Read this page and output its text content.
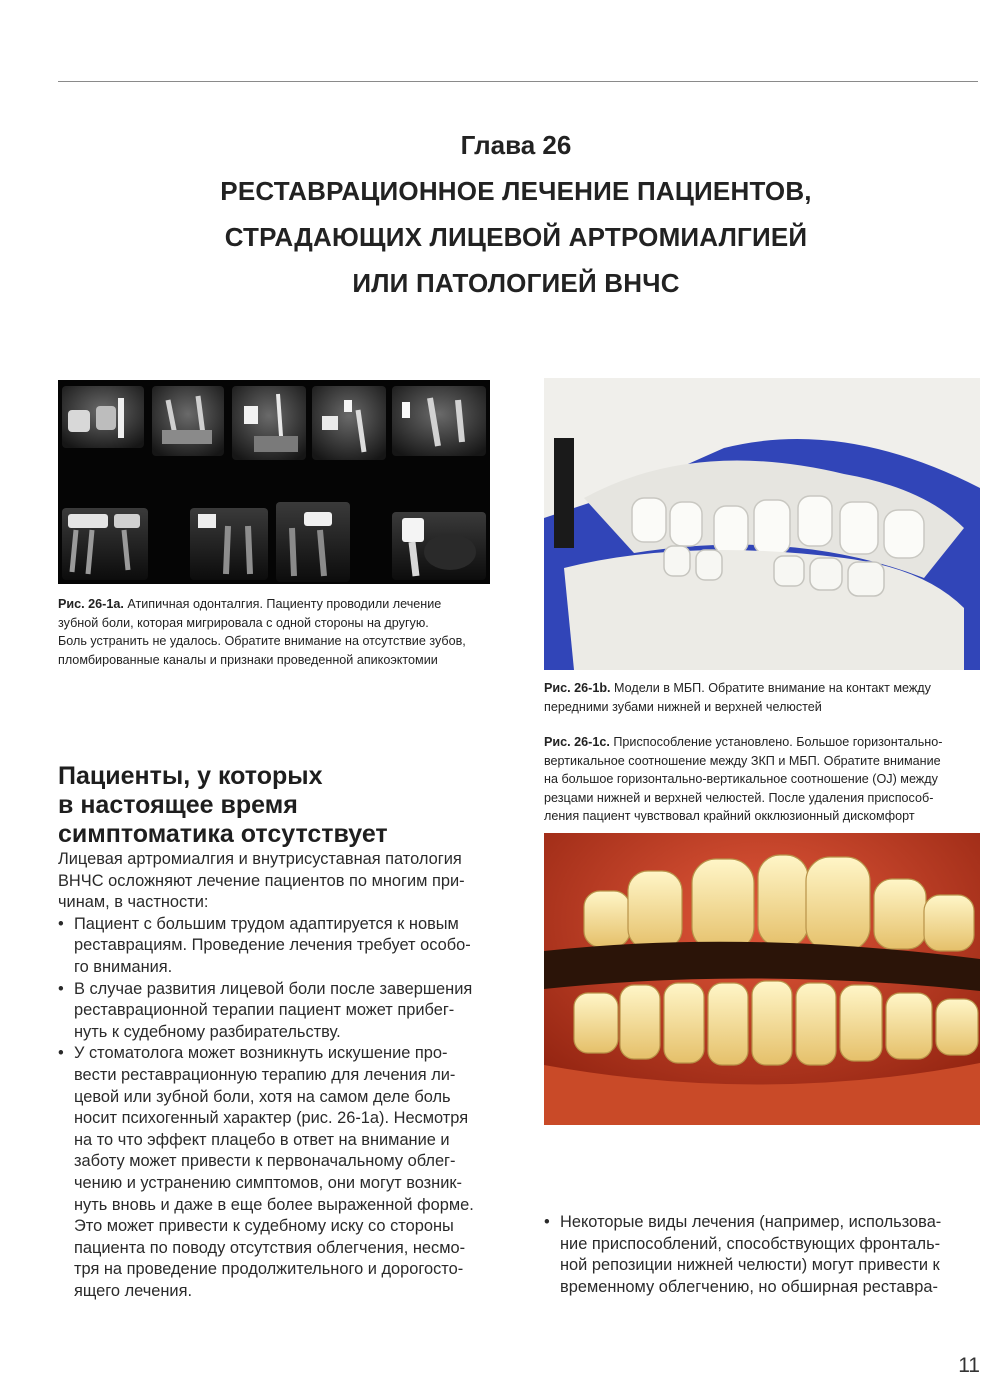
Глава 26
РЕСТАВРАЦИОННОЕ ЛЕЧЕНИЕ ПАЦИЕНТОВ,
СТРАДАЮЩИХ ЛИЦЕВОЙ АРТРОМИАЛГИЕЙ
ИЛИ ПАТОЛОГИЕЙ ВНЧС
Рис. 26-1а. Атипичная одонталгия. Пациенту проводили лечение
зубной боли, которая мигрировала с одной стороны на другую.
Боль устранить не удалось. Обратите внимание на отсутствие зубов,
пломбированные каналы и признаки проведенной апикоэктомии
Рис. 26-1b. Модели в МБП. Обратите внимание на контакт между
передними зубами нижней и верхней челюстей
Рис. 26-1с. Приспособление установлено. Большое горизонтально-
вертикальное соотношение между ЗКП и МБП. Обратите внимание
на большое горизонтально-вертикальное соотношение (OJ) между
резцами нижней и верхней челюстей. После удаления приспособ-
ления пациент чувствовал крайний окклюзионный дискомфорт
Пациенты, у которых
в настоящее время
симптоматика отсутствует
Лицевая артромиалгия и внутрисуставная патология
ВНЧС осложняют лечение пациентов по многим при-
чинам, в частности:
• Пациент с большим трудом адаптируется к новым
реставрациям. Проведение лечения требует особо-
го внимания.
• В случае развития лицевой боли после завершения
реставрационной терапии пациент может прибег-
нуть к судебному разбирательству.
• У стоматолога может возникнуть искушение про-
вести реставрационную терапию для лечения ли-
цевой или зубной боли, хотя на самом деле боль
носит психогенный характер (рис. 26-1a). Несмотря
на то что эффект плацебо в ответ на внимание и
заботу может привести к первоначальному облег-
чению и устранению симптомов, они могут возник-
нуть вновь и даже в еще более выраженной форме.
Это может привести к судебному иску со стороны
пациента по поводу отсутствия облегчения, несмо-
тря на проведение продолжительного и дорогосто-
ящего лечения.
• Некоторые виды лечения (например, использова-
ние приспособлений, способствующих фронталь-
ной репозиции нижней челюсти) могут привести к
временному облегчению, но обширная реставра-
11
